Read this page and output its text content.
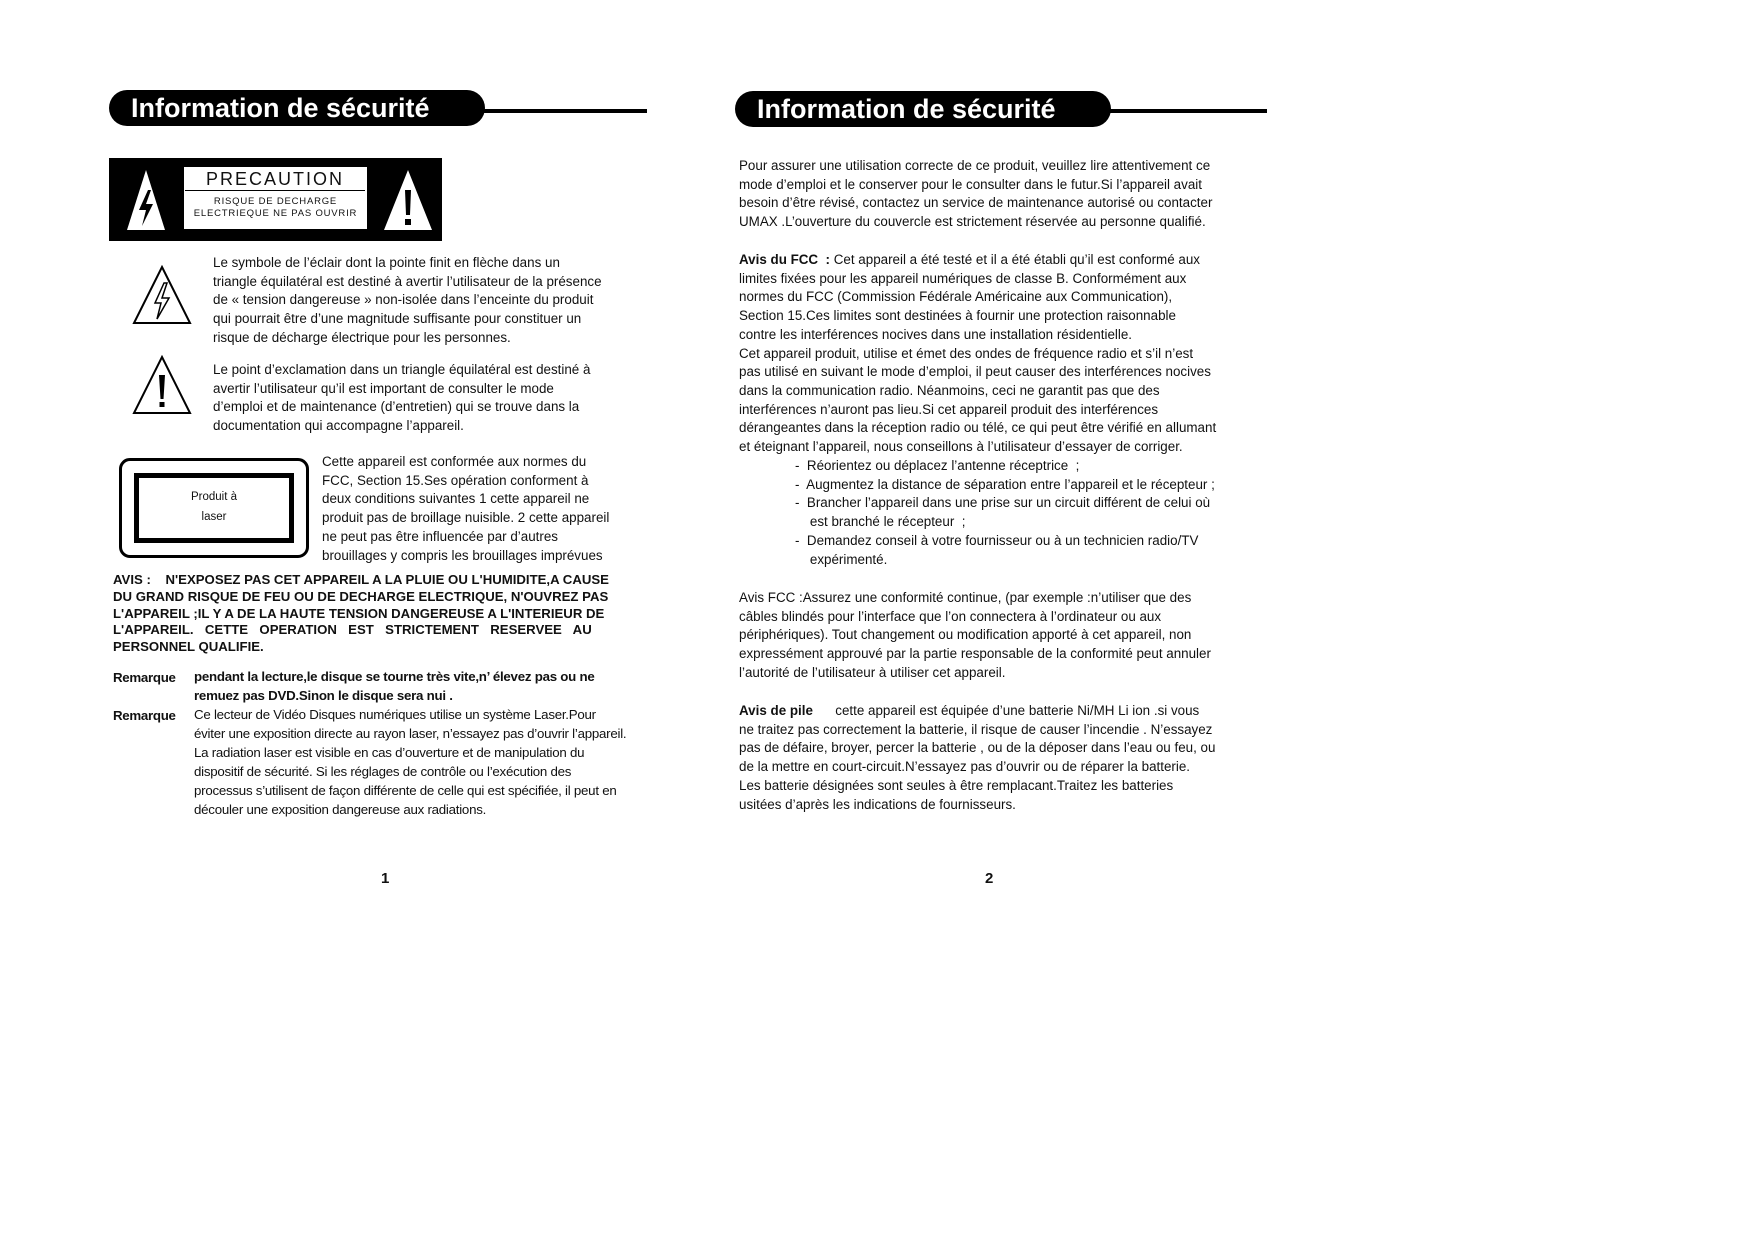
Information de sécurité
PRECAUTION
RISQUE DE DECHARGE
ELECTRIEQUE NE PAS OUVRIR
Le symbole de l’éclair dont la pointe finit en flèche dans un
triangle équilatéral est destiné à avertir l’utilisateur de la présence
de « tension dangereuse » non-isolée dans l’enceinte du produit
qui pourrait être d’une magnitude suffisante pour constituer un
risque de décharge électrique pour les personnes.
Le point d’exclamation dans un triangle équilatéral est destiné à
avertir l’utilisateur qu’il est important de consulter le mode
d’emploi et de maintenance (d’entretien) qui se trouve dans la
documentation qui accompagne l’appareil.
Produit à
laser
Cette appareil est conformée aux normes du
FCC, Section 15.Ses opération conforment à
deux conditions suivantes 1 cette appareil ne
produit pas de broillage nuisible. 2 cette appareil
ne peut pas être influencée par d’autres
brouillages y compris les brouillages imprévues
AVIS :    N'EXPOSEZ PAS CET APPAREIL A LA PLUIE OU L'HUMIDITE,A CAUSE
DU GRAND RISQUE DE FEU OU DE DECHARGE ELECTRIQUE, N'OUVREZ PAS
L'APPAREIL ;IL Y A DE LA HAUTE TENSION DANGEREUSE A L'INTERIEUR DE
L'APPAREIL.  CETTE  OPERATION  EST  STRICTEMENT  RESERVEE  AU
PERSONNEL QUALIFIE.
Remarque pendant la lecture,le disque se tourne très vite,n’ élevez pas ou ne
remuez pas DVD.Sinon le disque sera nui .
Remarque Ce lecteur de Vidéo Disques numériques utilise un système Laser.Pour
éviter une exposition directe au rayon laser, n’essayez pas d’ouvrir l’appareil.
La radiation laser est visible en cas d’ouverture et de manipulation du
dispositif de sécurité. Si les réglages de contrôle ou l’exécution des
processus s’utilisent de façon différente de celle qui est spécifiée, il peut en
découler une exposition dangereuse aux radiations.
1
Information de sécurité
Pour assurer une utilisation correcte de ce produit, veuillez lire attentivement ce
mode d’emploi et le conserver pour le consulter dans le futur.Si l’appareil avait
besoin d’être révisé, contactez un service de maintenance autorisé ou contacter
UMAX .L’ouverture du couvercle est strictement réservée au personne qualifié.
Avis du FCC  : Cet appareil a été testé et il a été établi qu’il est conformé aux
limites fixées pour les appareil numériques de classe B. Conformément aux
normes du FCC (Commission Fédérale Américaine aux Communication),
Section 15.Ces limites sont destinées à fournir une protection raisonnable
contre les interférences nocives dans une installation résidentielle.
Cet appareil produit, utilise et émet des ondes de fréquence radio et s’il n’est
pas utilisé en suivant le mode d’emploi, il peut causer des interférences nocives
dans la communication radio. Néanmoins, ceci ne garantit pas que des
interférences n’auront pas lieu.Si cet appareil produit des interférences
dérangeantes dans la réception radio ou télé, ce qui peut être vérifié en allumant
et éteignant l’appareil, nous conseillons à l’utilisateur d’essayer de corriger.
-  Réorientez ou déplacez l’antenne réceptrice  ;
-  Augmentez la distance de séparation entre l’appareil et le récepteur ;
-  Brancher l’appareil dans une prise sur un circuit différent de celui où
est branché le récepteur  ;
-  Demandez conseil à votre fournisseur ou à un technicien radio/TV
expérimenté.
Avis FCC :Assurez une conformité continue, (par exemple :n’utiliser que des
câbles blindés pour l’interface que l’on connectera à l’ordinateur ou aux
périphériques). Tout changement ou modification apporté à cet appareil, non
expressément approuvé par la partie responsable de la conformité peut annuler
l’autorité de l’utilisateur à utiliser cet appareil.
Avis de pile      cette appareil est équipée d’une batterie Ni/MH Li ion .si vous
ne traitez pas correctement la batterie, il risque de causer l’incendie . N’essayez
pas de défaire, broyer, percer la batterie , ou de la déposer dans l’eau ou feu, ou
de la mettre en court-circuit.N’essayez pas d’ouvrir ou de réparer la batterie.
Les batterie désignées sont seules à être remplacant.Traitez les batteries
usitées d’après les indications de fournisseurs.
2
